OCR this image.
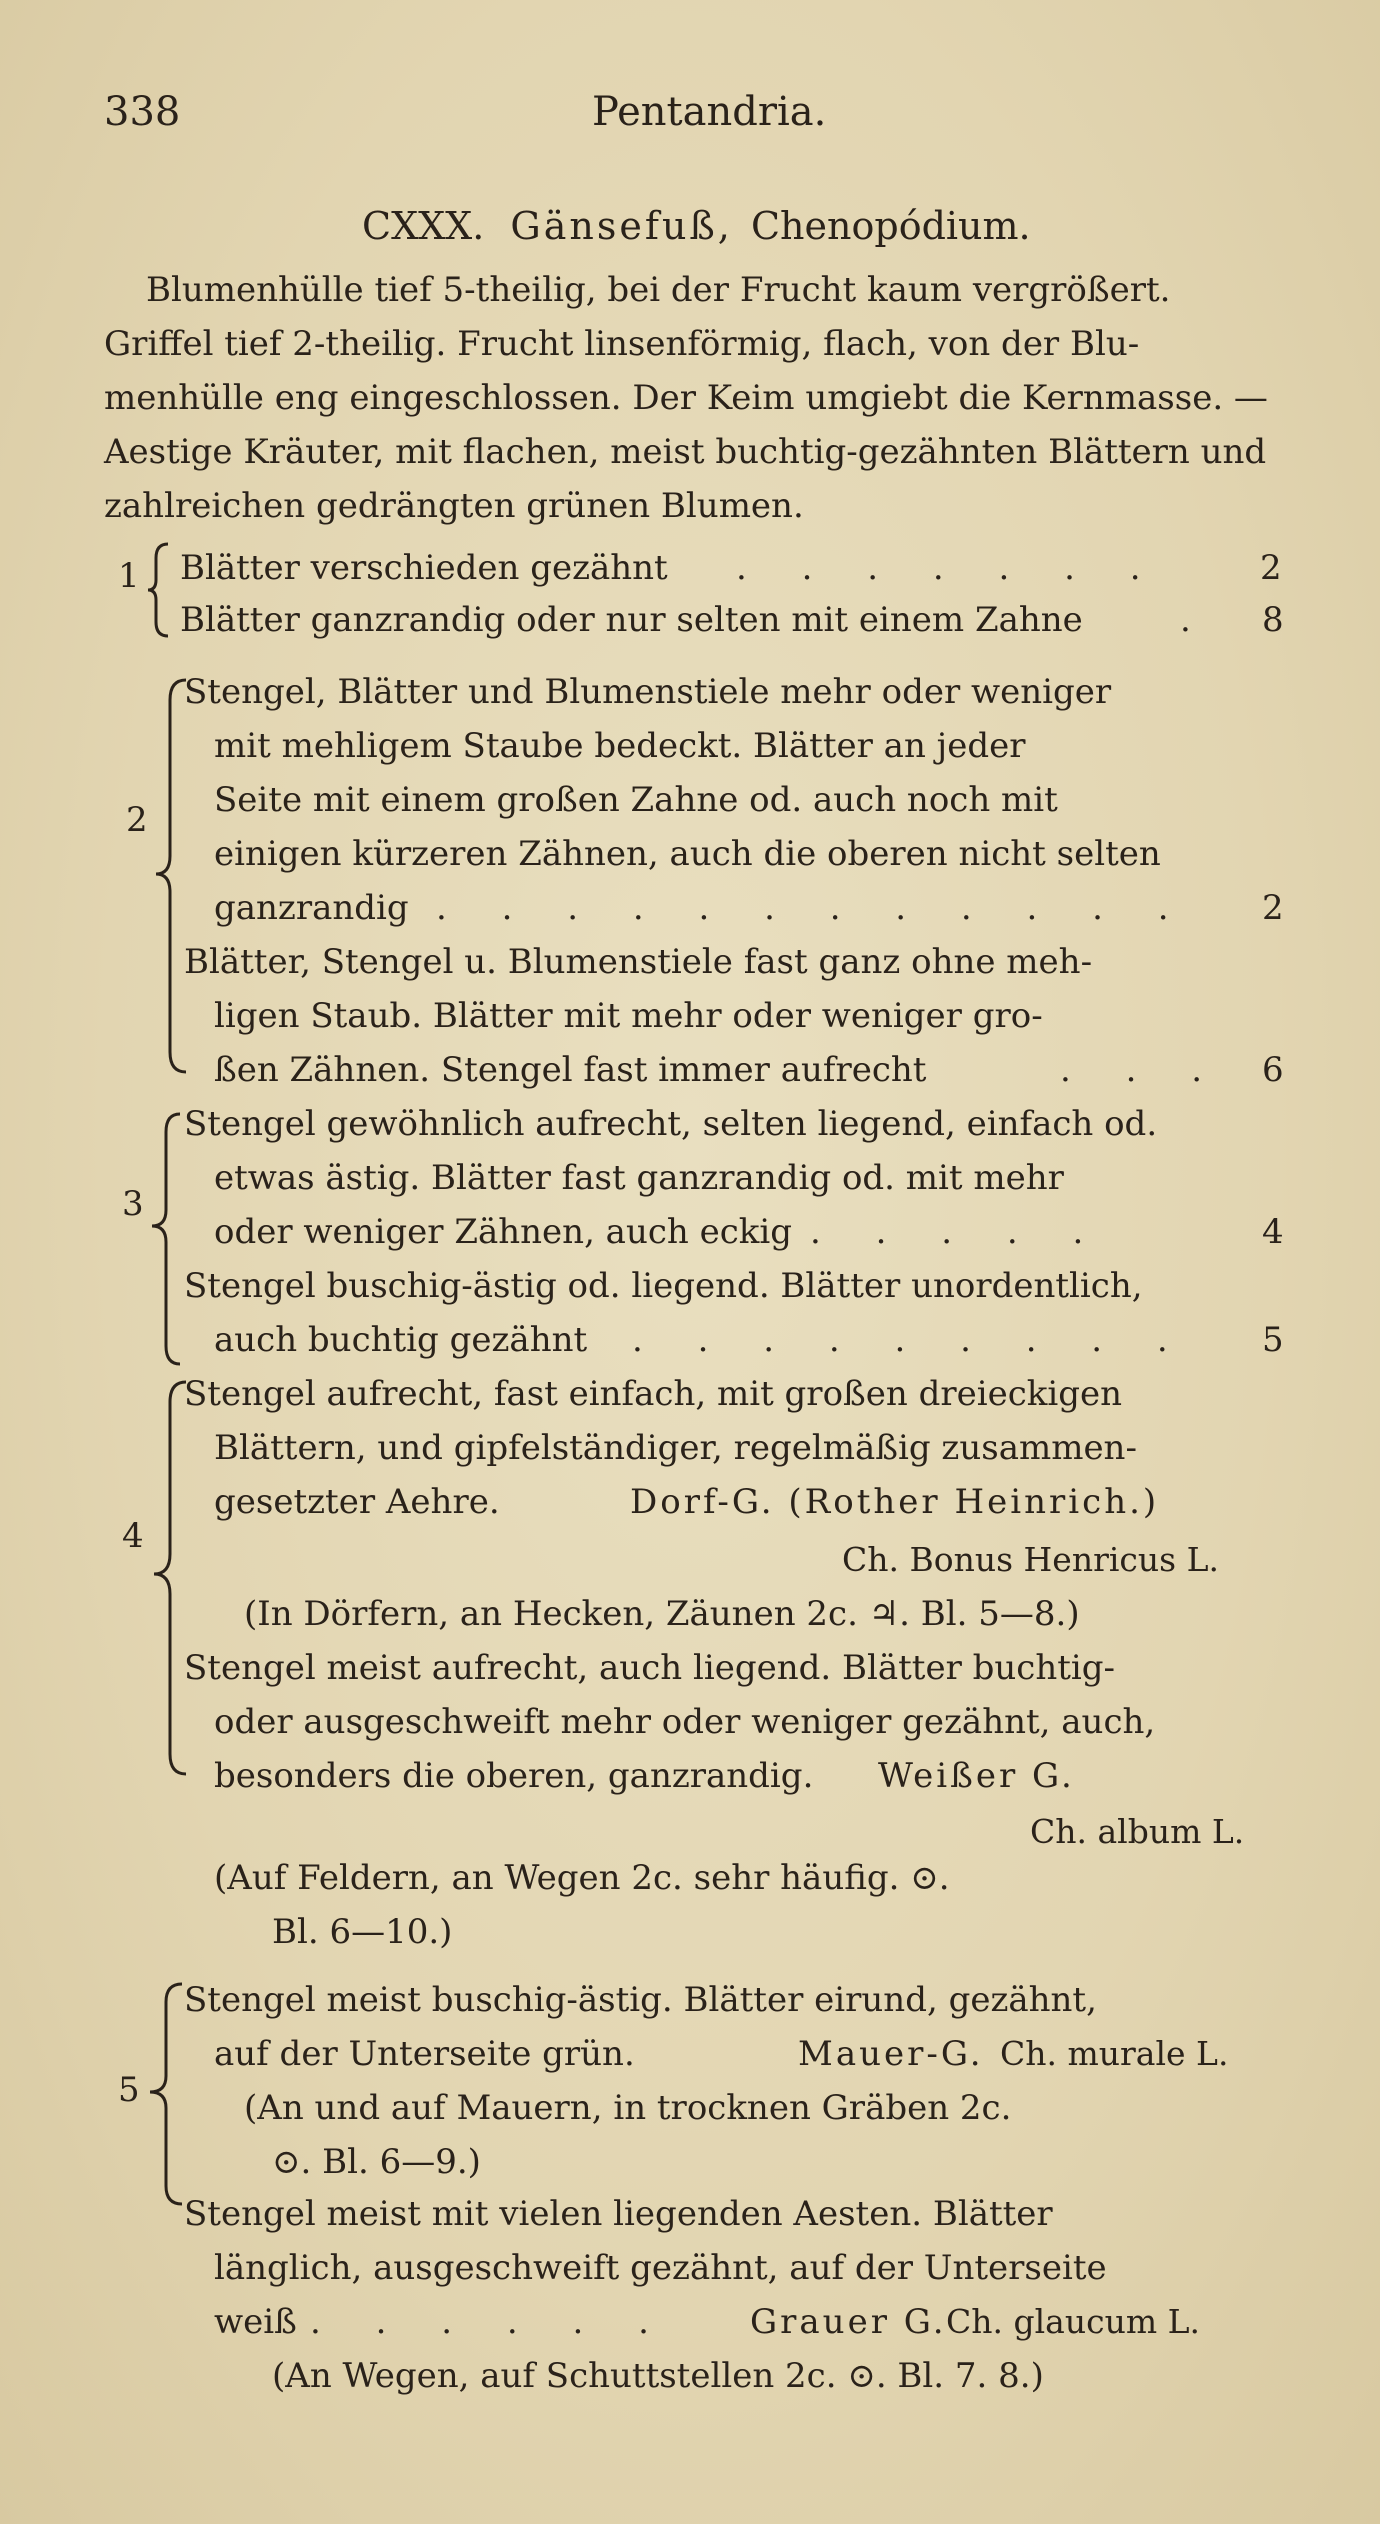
338	Pentandria.
CXXX. Gänsefuß, Chenopódium.
Blumenhülle tief 5-theilig, bei der Frucht kaum vergrößert.
Griffel tief 2-theilig. Frucht linsenförmig, flach, von der Blu-
menhülle eng eingeschlossen. Der Keim umgiebt die Kernmasse. —
Aestige Kräuter, mit flachen, meist buchtig-gezähnten Blättern und
zahlreichen gedrängten grünen Blumen.
1 Blätter verschieden gezähnt . . . . . . .	2
Blätter ganzrandig oder nur selten mit einem Zahne	. 8
2
Stengel, Blätter und Blumenstiele mehr oder weniger
mit mehligem Staube bedeckt. Blätter an jeder
Seite mit einem großen Zahne od. auch noch mit
einigen kürzeren Zähnen, auch die oberen nicht selten
ganzrandig . . . . . . . . . . . . 2
Blätter, Stengel u. Blumenstiele fast ganz ohne meh-
ligen Staub. Blätter mit mehr oder weniger gro-
ßen Zähnen. Stengel fast immer aufrecht	. . . 6
3
Stengel gewöhnlich aufrecht, selten liegend, einfach od.
etwas ästig. Blätter fast ganzrandig od. mit mehr
oder weniger Zähnen, auch eckig . . . . .	4
Stengel buschig-ästig od. liegend. Blätter unordentlich,
auch buchtig gezähnt . . . . . . . . . 5
4
Stengel aufrecht, fast einfach, mit großen dreieckigen
Blättern, und gipfelständiger, regelmäßig zusammen-
gesetzter Aehre.	Dorf-G. (Rother Heinrich.)
Ch. Bonus Henricus L.
(In Dörfern, an Hecken, Zäunen 2c. ♃. Bl. 5—8.)
Stengel meist aufrecht, auch liegend. Blätter buchtig-
oder ausgeschweift mehr oder weniger gezähnt, auch,
besonders die oberen, ganzrandig. Weißer G.
Ch. album L.
(Auf Feldern, an Wegen 2c. sehr häufig. ⊙.
Bl. 6—10.)
5
Stengel meist buschig-ästig. Blätter eirund, gezähnt,
auf der Unterseite grün.	Mauer-G. Ch. murale L.
(An und auf Mauern, in trocknen Gräben 2c.
⊙. Bl. 6—9.)
Stengel meist mit vielen liegenden Aesten. Blätter
länglich, ausgeschweift gezähnt, auf der Unterseite
weiß . . . . . . Grauer G. Ch. glaucum L.
(An Wegen, auf Schuttstellen 2c. ⊙. Bl. 7. 8.)
